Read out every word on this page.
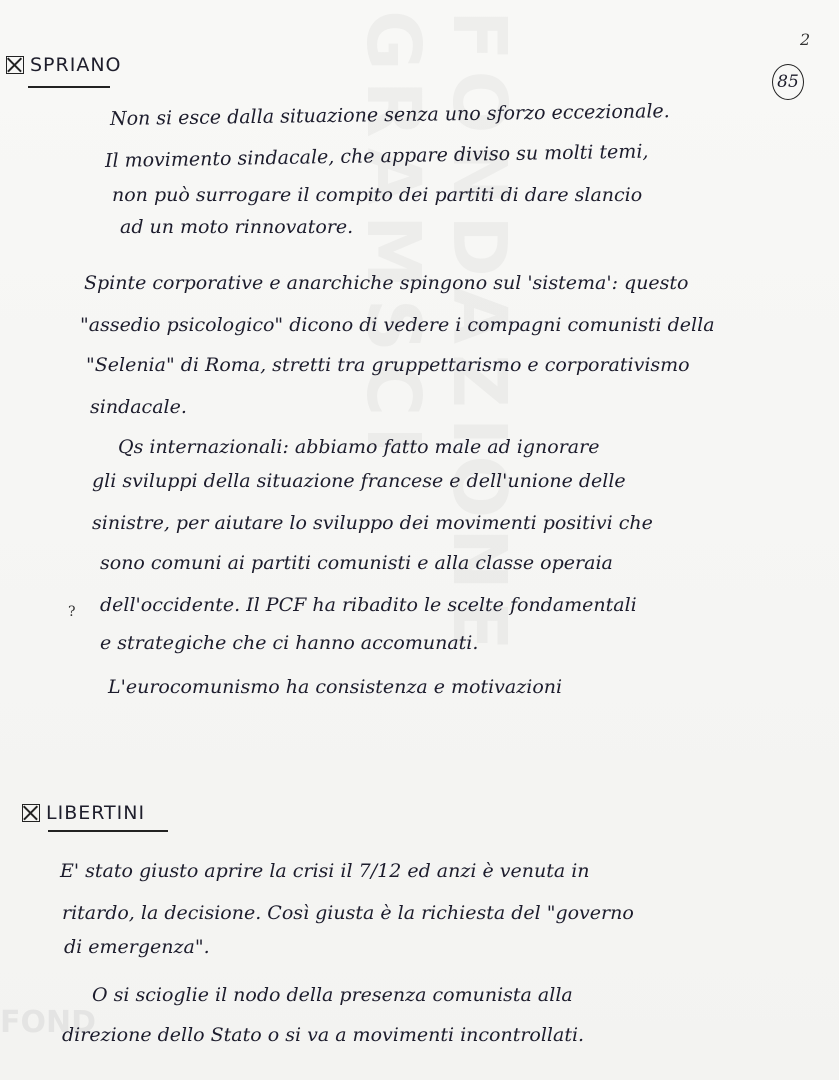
FONDAZIONE GRAMSCI
FOND
2
85
SPRIANO
Non si esce dalla situazione senza uno sforzo eccezionale.
Il movimento sindacale, che appare diviso su molti temi,
non può surrogare il compito dei partiti di dare slancio
ad un moto rinnovatore.
Spinte corporative e anarchiche spingono sul 'sistema': questo
"assedio psicologico" dicono di vedere i compagni comunisti della
"Selenia" di Roma, stretti tra gruppettarismo e corporativismo
sindacale.
Qs internazionali: abbiamo fatto male ad ignorare
gli sviluppi della situazione francese e dell'unione delle
sinistre, per aiutare lo sviluppo dei movimenti positivi che
sono comuni ai partiti comunisti e alla classe operaia
? dell'occidente. Il PCF ha ribadito le scelte fondamentali
e strategiche che ci hanno accomunati.
L'eurocomunismo ha consistenza e motivazioni
LIBERTINI
E' stato giusto aprire la crisi il 7/12 ed anzi è venuta in
ritardo, la decisione. Così giusta è la richiesta del "governo
di emergenza".
O si scioglie il nodo della presenza comunista alla
direzione dello Stato o si va a movimenti incontrollati.
